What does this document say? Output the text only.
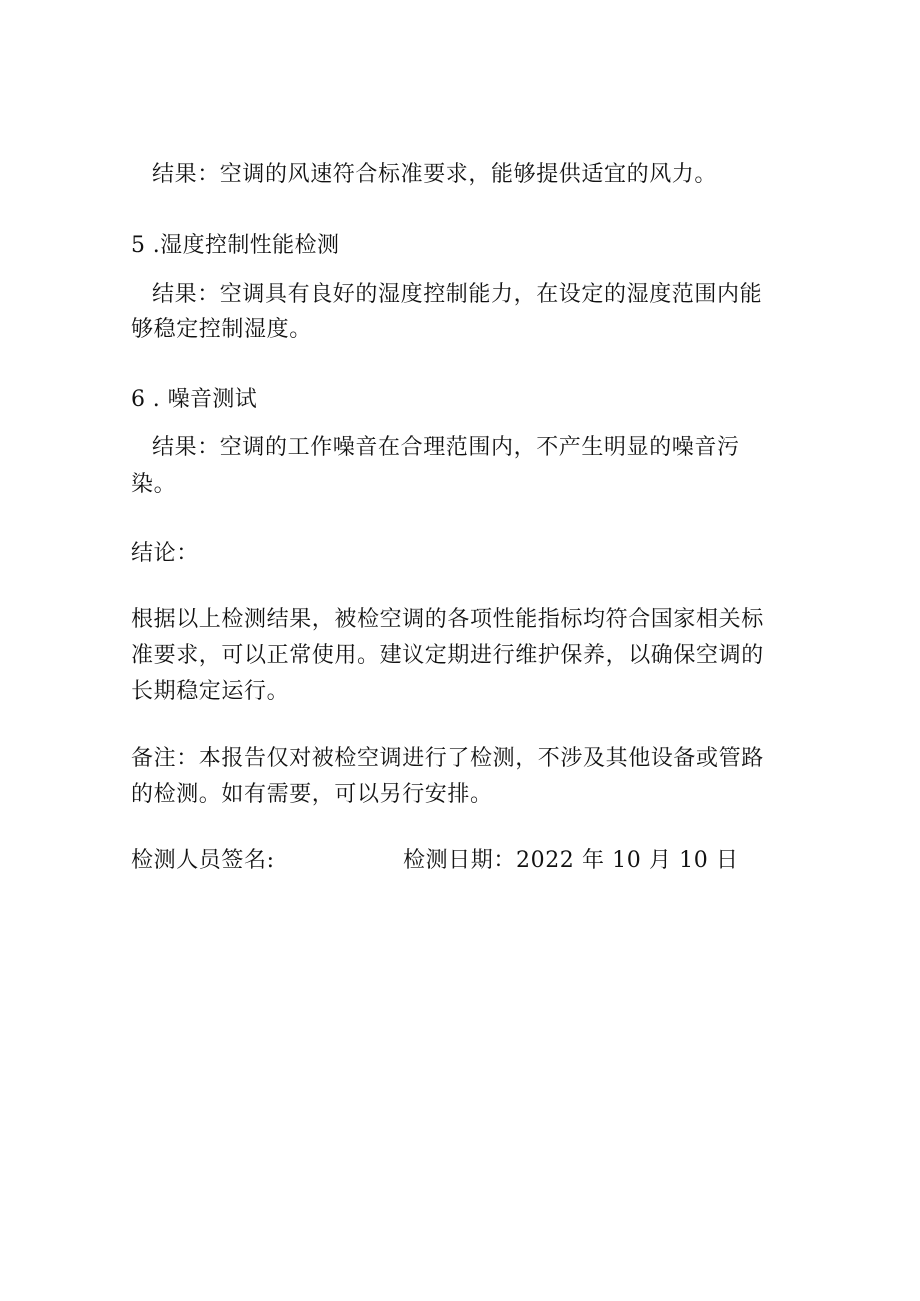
结果：空调的风速符合标准要求，能够提供适宜的风力。
5 .湿度控制性能检测
结果：空调具有良好的湿度控制能力，在设定的湿度范围内能
够稳定控制湿度。
6 . 噪音测试
结果：空调的工作噪音在合理范围内，不产生明显的噪音污
染。
结论：
根据以上检测结果，被检空调的各项性能指标均符合国家相关标
准要求，可以正常使用。建议定期进行维护保养，以确保空调的
长期稳定运行。
备注：本报告仅对被检空调进行了检测，不涉及其他设备或管路
的检测。如有需要，可以另行安排。
检测人员签名:	检测日期：2022 年 10 月 10 日
